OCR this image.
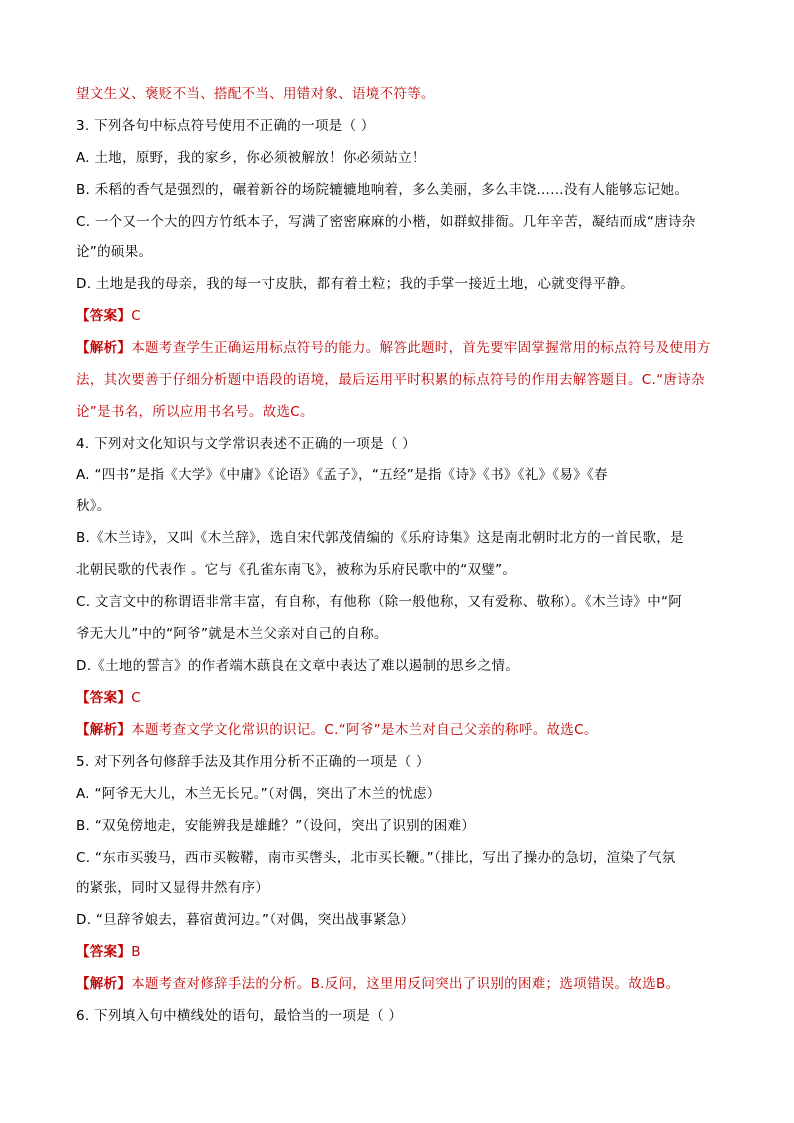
望文生义、褒贬不当、搭配不当、用错对象、语境不符等。
3. 下列各句中标点符号使用不正确的一项是（ ）
A. 土地，原野，我的家乡，你必须被解放！你必须站立！
B. 禾稻的香气是强烈的，碾着新谷的场院辘辘地响着，多么美丽，多么丰饶……没有人能够忘记她。
C. 一个又一个大的四方竹纸本子，写满了密密麻麻的小楷，如群蚁排衙。几年辛苦，凝结而成“唐诗杂
论”的硕果。
D. 土地是我的母亲，我的每一寸皮肤，都有着土粒；我的手掌一接近土地，心就变得平静。
【答案】C
【解析】本题考查学生正确运用标点符号的能力。解答此题时，首先要牢固掌握常用的标点符号及使用方
法，其次要善于仔细分析题中语段的语境，最后运用平时积累的标点符号的作用去解答题目。C.“唐诗杂
论”是书名，所以应用书名号。故选C。
4. 下列对文化知识与文学常识表述不正确的一项是（ ）
A. “四书”是指《大学》《中庸》《论语》《孟子》，“五经”是指《诗》《书》《礼》《易》《春
秋》。
B.《木兰诗》，又叫《木兰辞》，选自宋代郭茂倩编的《乐府诗集》这是南北朝时北方的一首民歌，是
北朝民歌的代表作 。它与《孔雀东南飞》，被称为乐府民歌中的“双璧”。
C. 文言文中的称谓语非常丰富，有自称，有他称（除一般他称，又有爱称、敬称）。《木兰诗》中“阿
爷无大儿”中的“阿爷”就是木兰父亲对自己的自称。
D.《土地的誓言》的作者端木蕻良在文章中表达了难以遏制的思乡之情。
【答案】C
【解析】本题考查文学文化常识的识记。C.“阿爷”是木兰对自己父亲的称呼。故选C。
5. 对下列各句修辞手法及其作用分析不正确的一项是（ ）
A. “阿爷无大儿，木兰无长兄。”（对偶，突出了木兰的忧虑）
B. “双兔傍地走，安能辨我是雄雌？”（设问，突出了识别的困难）
C. “东市买骏马，西市买鞍鞯，南市买辔头，北市买长鞭。”（排比，写出了操办的急切，渲染了气氛
的紧张，同时又显得井然有序）
D. “旦辞爷娘去，暮宿黄河边。”（对偶，突出战事紧急）
【答案】B
【解析】本题考查对修辞手法的分析。B.反问，这里用反问突出了识别的困难；选项错误。故选B。
6. 下列填入句中横线处的语句，最恰当的一项是（ ）
